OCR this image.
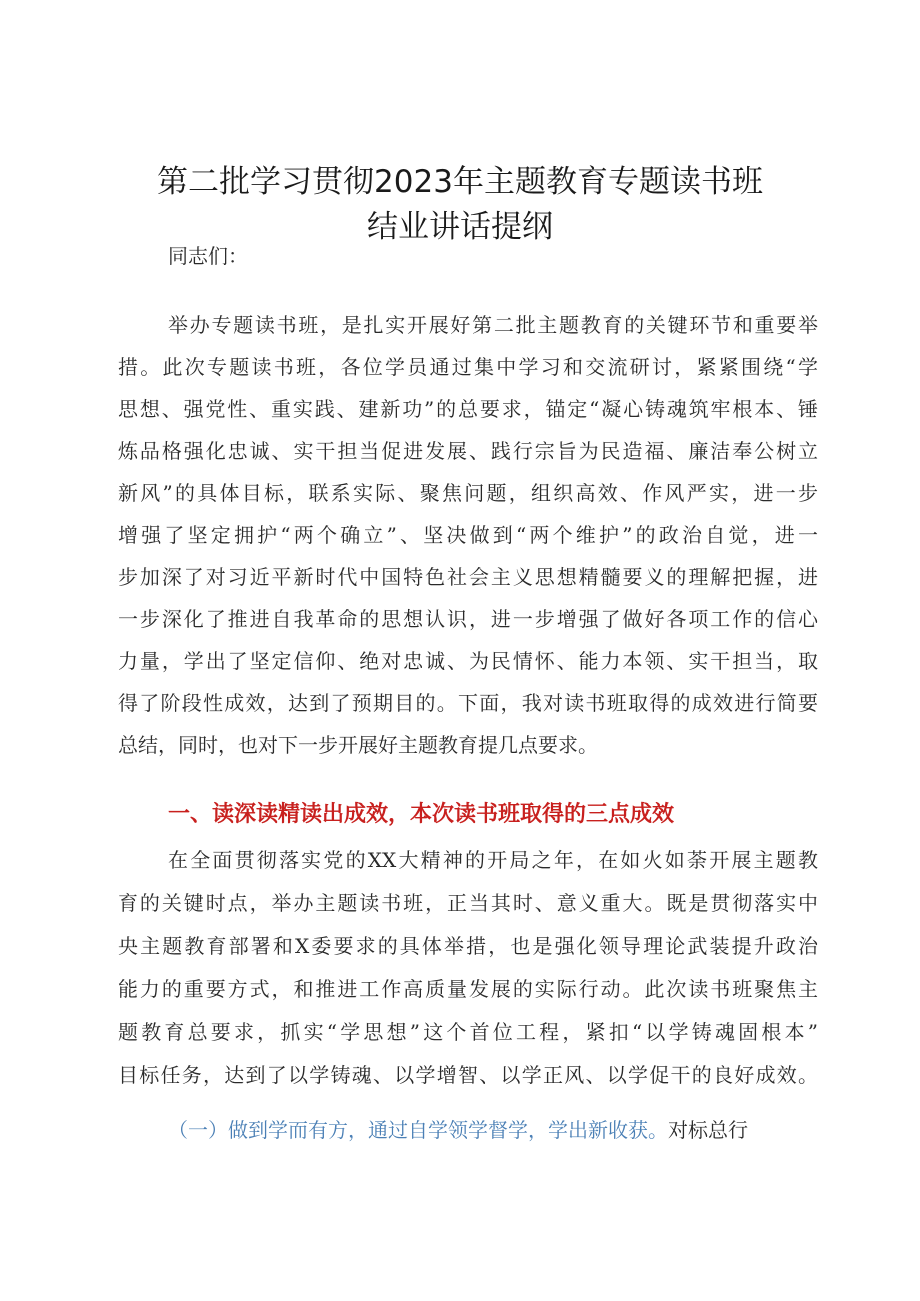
第二批学习贯彻2023年主题教育专题读书班
结业讲话提纲

同志们：

举办专题读书班，是扎实开展好第二批主题教育的关键环节和重要举

措。此次专题读书班，各位学员通过集中学习和交流研讨，紧紧围绕“学

思想、强党性、重实践、建新功”的总要求，锚定“凝心铸魂筑牢根本、锤

炼品格强化忠诚、实干担当促进发展、践行宗旨为民造福、廉洁奉公树立

新风”的具体目标，联系实际、聚焦问题，组织高效、作风严实，进一步

增强了坚定拥护“两个确立”、坚决做到“两个维护”的政治自觉，进一

步加深了对习近平新时代中国特色社会主义思想精髓要义的理解把握，进

一步深化了推进自我革命的思想认识，进一步增强了做好各项工作的信心

力量，学出了坚定信仰、绝对忠诚、为民情怀、能力本领、实干担当，取

得了阶段性成效，达到了预期目的。下面，我对读书班取得的成效进行简要

总结，同时，也对下一步开展好主题教育提几点要求。

一、读深读精读出成效，本次读书班取得的三点成效

在全面贯彻落实党的XX大精神的开局之年，在如火如荼开展主题教

育的关键时点，举办主题读书班，正当其时、意义重大。既是贯彻落实中

央主题教育部署和X委要求的具体举措，也是强化领导理论武装提升政治

能力的重要方式，和推进工作高质量发展的实际行动。此次读书班聚焦主

题教育总要求，抓实“学思想”这个首位工程，紧扣“以学铸魂固根本”

目标任务，达到了以学铸魂、以学增智、以学正风、以学促干的良好成效。

（一）做到学而有方，通过自学领学督学，学出新收获。对标总行
